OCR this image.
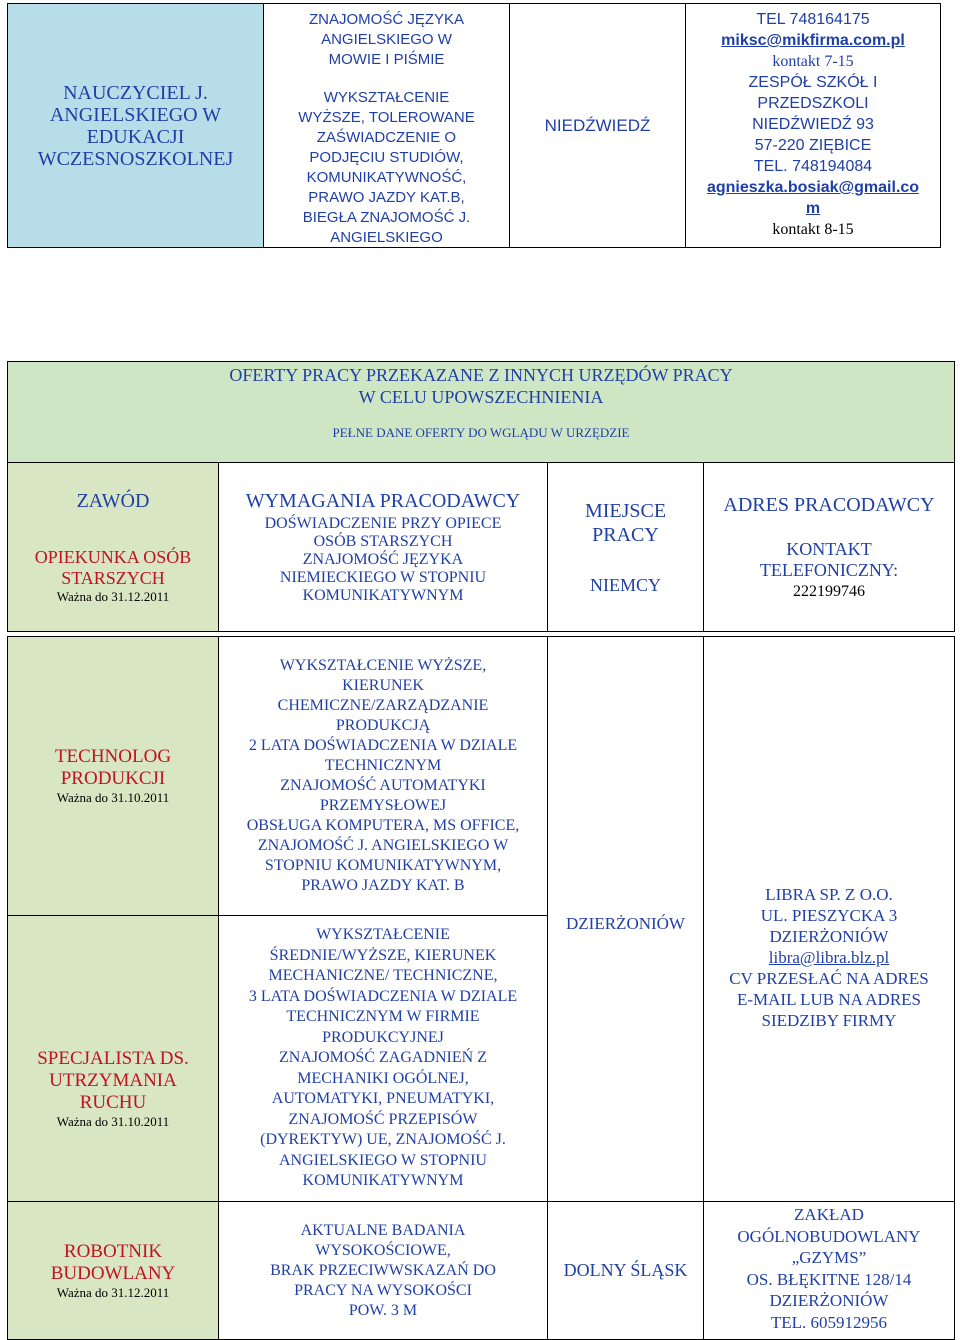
NAUCZYCIEL J.
ANGIELSKIEGO W
EDUKACJI
WCZESNOSZKOLNEJ
ZNAJOMOŚĆ JĘZYKA
ANGIELSKIEGO W
MOWIE I PIŚMIE
WYKSZTAŁCENIE
WYŻSZE, TOLEROWANE
ZAŚWIADCZENIE O
PODJĘCIU STUDIÓW,
KOMUNIKATYWNOŚĆ,
PRAWO JAZDY KAT.B,
BIEGŁA ZNAJOMOŚĆ J.
ANGIELSKIEGO
NIEDŹWIEDŹ
TEL 748164175
miksc@mikfirma.com.pl
kontakt 7-15
ZESPÓŁ SZKÓŁ I
PRZEDSZKOLI
NIEDŹWIEDŹ 93
57-220 ZIĘBICE
TEL. 748194084
agnieszka.bosiak@gmail.co
m
kontakt 8-15
OFERTY PRACY PRZEKAZANE Z INNYCH URZĘDÓW PRACY
W CELU UPOWSZECHNIENIA
PEŁNE DANE OFERTY DO WGLĄDU W URZĘDZIE
ZAWÓD
OPIEKUNKA OSÓB
STARSZYCH
Ważna do 31.12.2011
WYMAGANIA PRACODAWCY
DOŚWIADCZENIE PRZY OPIECE
OSÓB STARSZYCH
ZNAJOMOŚĆ JĘZYKA
NIEMIECKIEGO W STOPNIU
KOMUNIKATYWNYM
MIEJSCE
PRACY
NIEMCY
ADRES PRACODAWCY
KONTAKT
TELEFONICZNY:
222199746
TECHNOLOG
PRODUKCJI
Ważna do 31.10.2011
WYKSZTAŁCENIE WYŻSZE,
KIERUNEK
CHEMICZNE/ZARZĄDZANIE
PRODUKCJĄ
2 LATA DOŚWIADCZENIA W DZIALE
TECHNICZNYM
ZNAJOMOŚĆ AUTOMATYKI
PRZEMYSŁOWEJ
OBSŁUGA KOMPUTERA, MS OFFICE,
ZNAJOMOŚĆ J. ANGIELSKIEGO W
STOPNIU KOMUNIKATYWNYM,
PRAWO JAZDY KAT. B
SPECJALISTA DS.
UTRZYMANIA
RUCHU
Ważna do 31.10.2011
WYKSZTAŁCENIE
ŚREDNIE/WYŻSZE, KIERUNEK
MECHANICZNE/ TECHNICZNE,
3 LATA DOŚWIADCZENIA W DZIALE
TECHNICZNYM W FIRMIE
PRODUKCYJNEJ
ZNAJOMOŚĆ ZAGADNIEŃ Z
MECHANIKI OGÓLNEJ,
AUTOMATYKI, PNEUMATYKI,
ZNAJOMOŚĆ PRZEPISÓW
(DYREKTYW) UE, ZNAJOMOŚĆ J.
ANGIELSKIEGO W STOPNIU
KOMUNIKATYWNYM
DZIERŻONIÓW
LIBRA SP. Z O.O.
UL. PIESZYCKA 3
DZIERŻONIÓW
libra@libra.blz.pl
CV PRZESŁAĆ NA ADRES
E-MAIL LUB NA ADRES
SIEDZIBY FIRMY
ROBOTNIK
BUDOWLANY
Ważna do 31.12.2011
AKTUALNE BADANIA
WYSOKOŚCIOWE,
BRAK PRZECIWWSKAZAŃ DO
PRACY NA WYSOKOŚCI
POW. 3 M
DOLNY ŚLĄSK
ZAKŁAD
OGÓLNOBUDOWLANY
„GZYMS”
OS. BŁĘKITNE 128/14
DZIERŻONIÓW
TEL. 605912956
